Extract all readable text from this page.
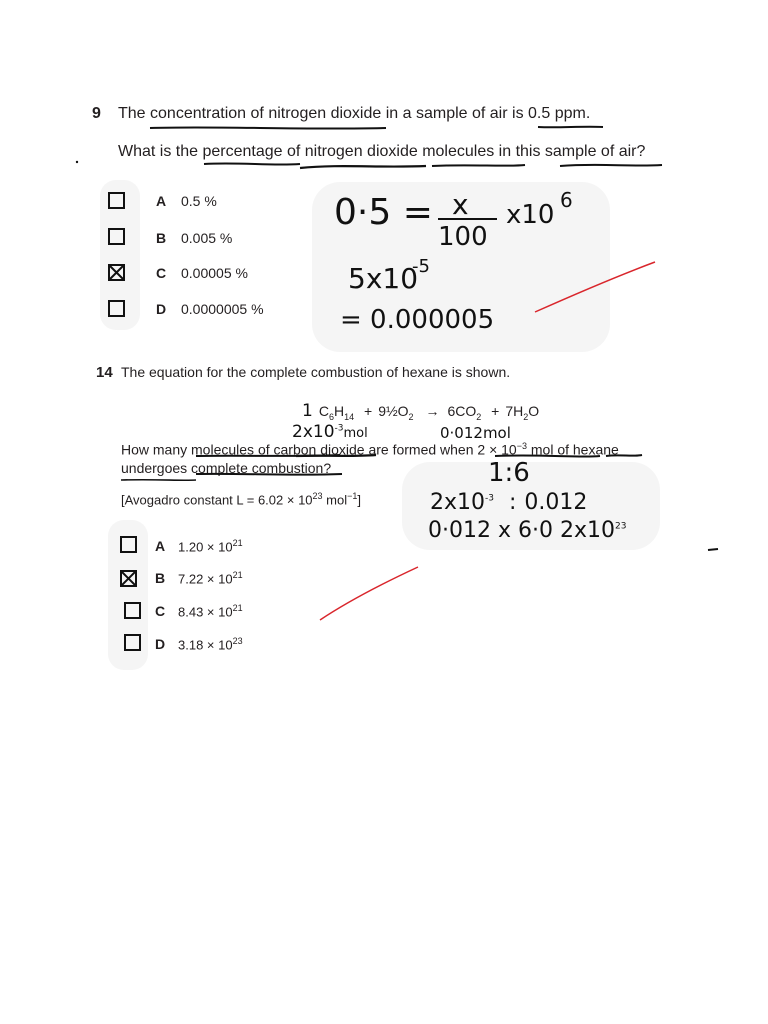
9 The concentration of nitrogen dioxide in a sample of air is 0.5 ppm.
What is the percentage of nitrogen dioxide molecules in this sample of air?
A 0.5 %
B 0.005 %
C 0.00005 %
D 0.0000005 %
0·5 = x
100
x10 6
5x10
-5
= 0.000005
14 The equation for the complete combustion of hexane is shown.
1 $C_6H_{14}$ + $9\frac{1}{2}O_2 \to 6CO_2 + 7H_2O$
$2x10^{-3}mol$	0·012mol
How many molecules of carbon dioxide are formed when $2 \times 10^{-3}$ mol of hexane
undergoes complete combustion?
[Avogadro constant $L = 6.02 \times 10^{23}$ mol$^{-1}$]
A $1.20 \times 10^{21}$
B $7.22 \times 10^{21}$
C $8.43 \times 10^{21}$
D $3.18 \times 10^{23}$
1:6
$2x10^{-3}$ : 0.012
0·012 x 6·0 $2x10^{23}$
